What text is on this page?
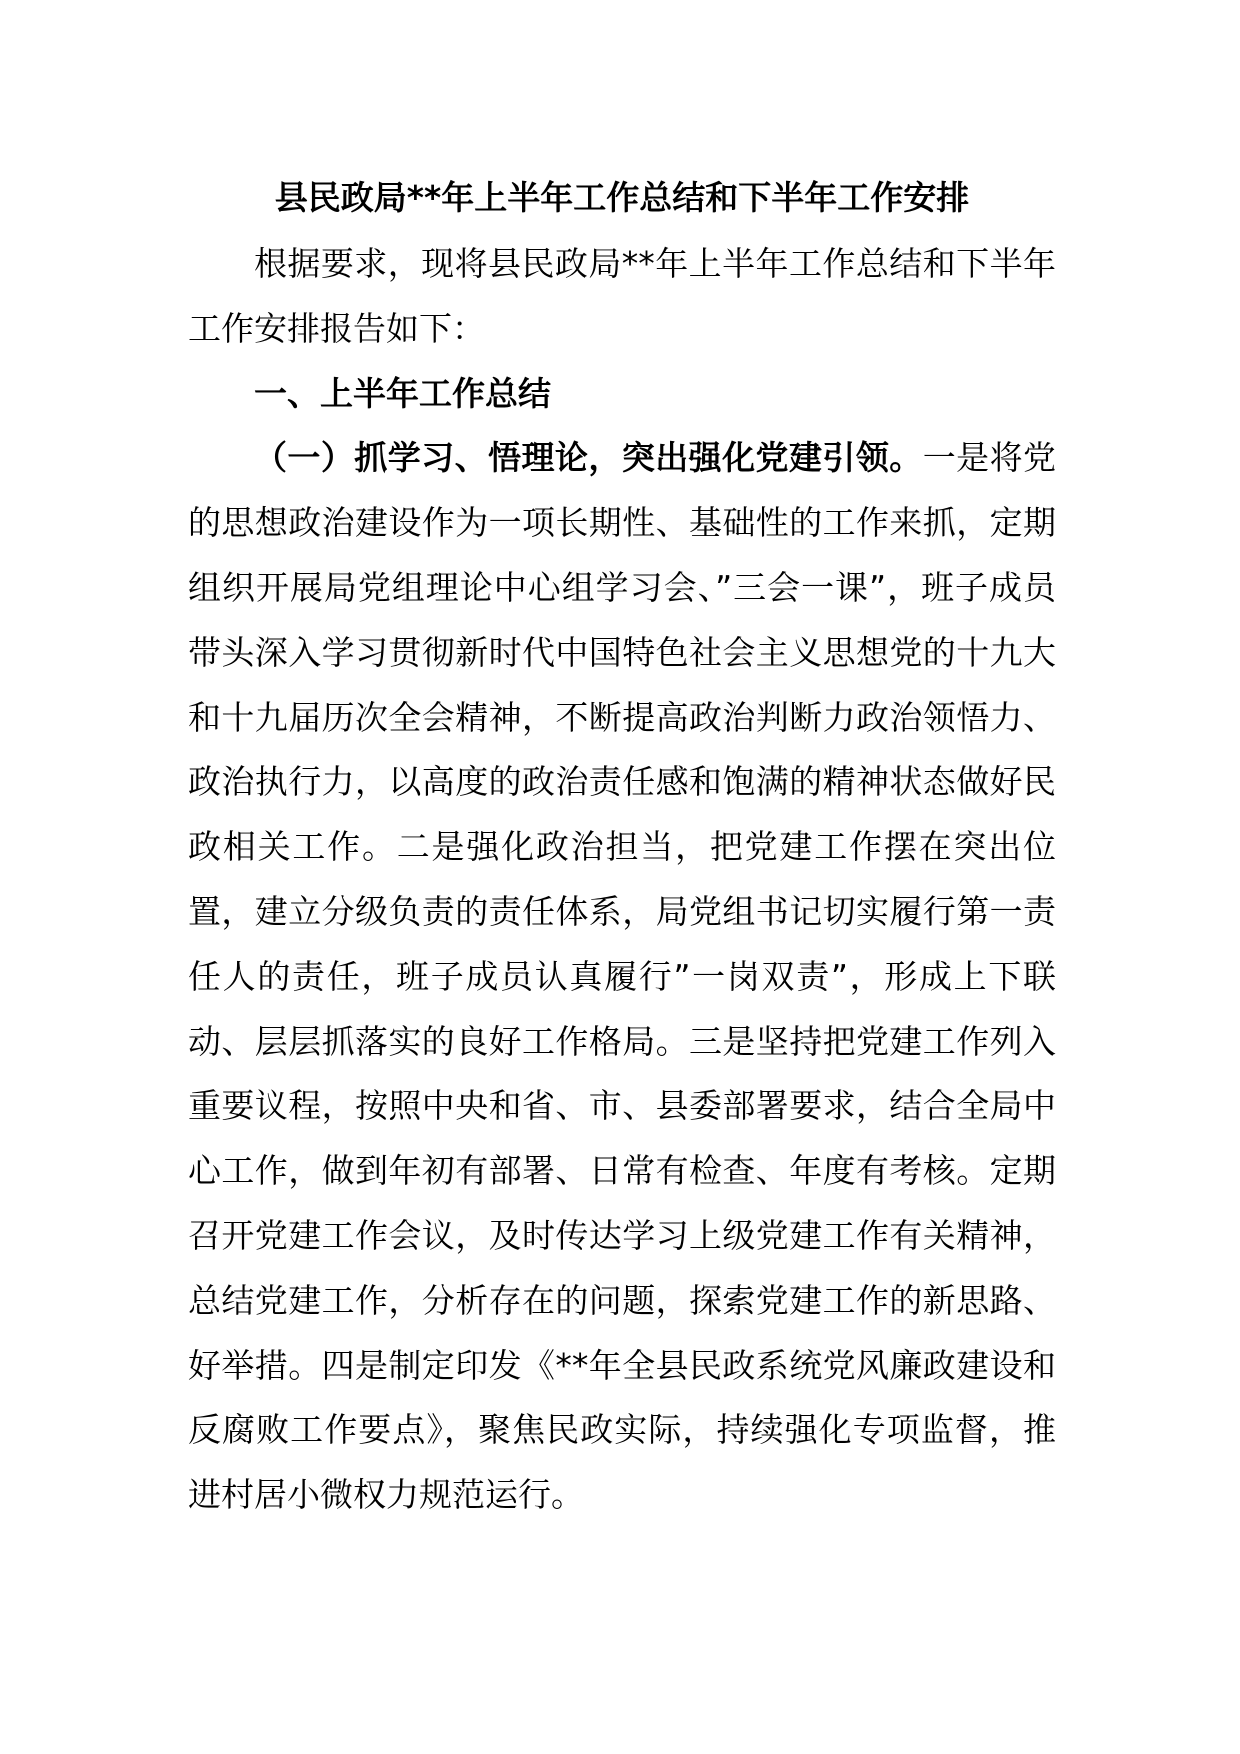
县民政局**年上半年工作总结和下半年工作安排

根据要求，现将县民政局**年上半年工作总结和下半年工作安排报告如下：

一、上半年工作总结

（一）抓学习、悟理论，突出强化党建引领。一是将党的思想政治建设作为一项长期性、基础性的工作来抓，定期组织开展局党组理论中心组学习会、”三会一课”，班子成员带头深入学习贯彻新时代中国特色社会主义思想党的十九大和十九届历次全会精神，不断提高政治判断力政治领悟力、政治执行力，以高度的政治责任感和饱满的精神状态做好民政相关工作。二是强化政治担当，把党建工作摆在突出位置，建立分级负责的责任体系，局党组书记切实履行第一责任人的责任，班子成员认真履行”一岗双责”，形成上下联动、层层抓落实的良好工作格局。三是坚持把党建工作列入重要议程，按照中央和省、市、县委部署要求，结合全局中心工作，做到年初有部署、日常有检查、年度有考核。定期召开党建工作会议，及时传达学习上级党建工作有关精神，总结党建工作，分析存在的问题，探索党建工作的新思路、好举措。四是制定印发《**年全县民政系统党风廉政建设和反腐败工作要点》，聚焦民政实际，持续强化专项监督，推进村居小微权力规范运行。
